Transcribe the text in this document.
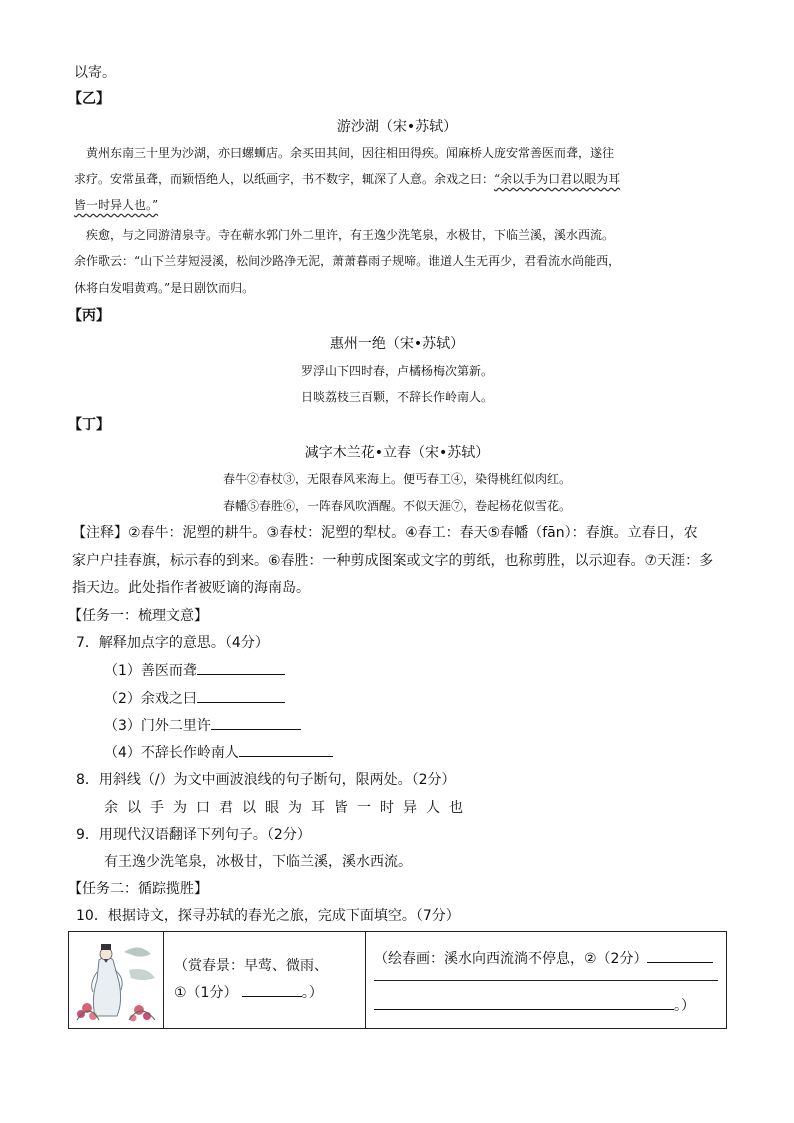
以寄。
【乙】
游沙湖（宋•苏轼）
黄州东南三十里为沙湖，亦曰螺蛳店。余买田其间，因往相田得疾。闻麻桥人庞安常善医而聋，遂往
求疗。安常虽聋，而颖悟绝人，以纸画字，书不数字，辄深了人意。余戏之曰：“余以手为口君以眼为耳
皆一时异人也。”
疾愈，与之同游清泉寺。寺在蕲水郭门外二里许，有王逸少洗笔泉，水极甘，下临兰溪，溪水西流。
余作歌云：“山下兰芽短浸溪，松间沙路净无泥，萧萧暮雨子规啼。谁道人生无再少，君看流水尚能西，
休将白发唱黄鸡。”是日剧饮而归。
【丙】
惠州一绝（宋•苏轼）
罗浮山下四时春，卢橘杨梅次第新。
日啖荔枝三百颗，不辞长作岭南人。
【丁】
减字木兰花•立春（宋•苏轼）
春牛②春杖③，无限春风来海上。便丐春工④，染得桃红似肉红。
春幡⑤春胜⑥，一阵春风吹酒醒。不似天涯⑦，卷起杨花似雪花。
【注释】②春牛：泥塑的耕牛。③春杖：泥塑的犁杖。④春工：春天⑤春幡（fān）：春旗。立春日，农
家户户挂春旗，标示春的到来。⑥春胜：一种剪成图案或文字的剪纸，也称剪胜，以示迎春。⑦天涯：多
指天边。此处指作者被贬谪的海南岛。
【任务一：梳理文意】
7．解释加点字的意思。（4分）
（1）善医而聋
（2）余戏之曰
（3）门外二里许
（4）不辞长作岭南人
8．用斜线（/）为文中画波浪线的句子断句，限两处。（2分）
余以手为口君以眼为耳皆一时异人也
9．用现代汉语翻译下列句子。（2分）
有王逸少洗笔泉，冰极甘，下临兰溪，溪水西流。
【任务二：循踪揽胜】
10．根据诗文，探寻苏轼的春光之旅，完成下面填空。（7分）

（赏春景：早莺、微雨、
①（1分）	。）

（绘春画：溪水向西流淌不停息，②（2分）
。）
